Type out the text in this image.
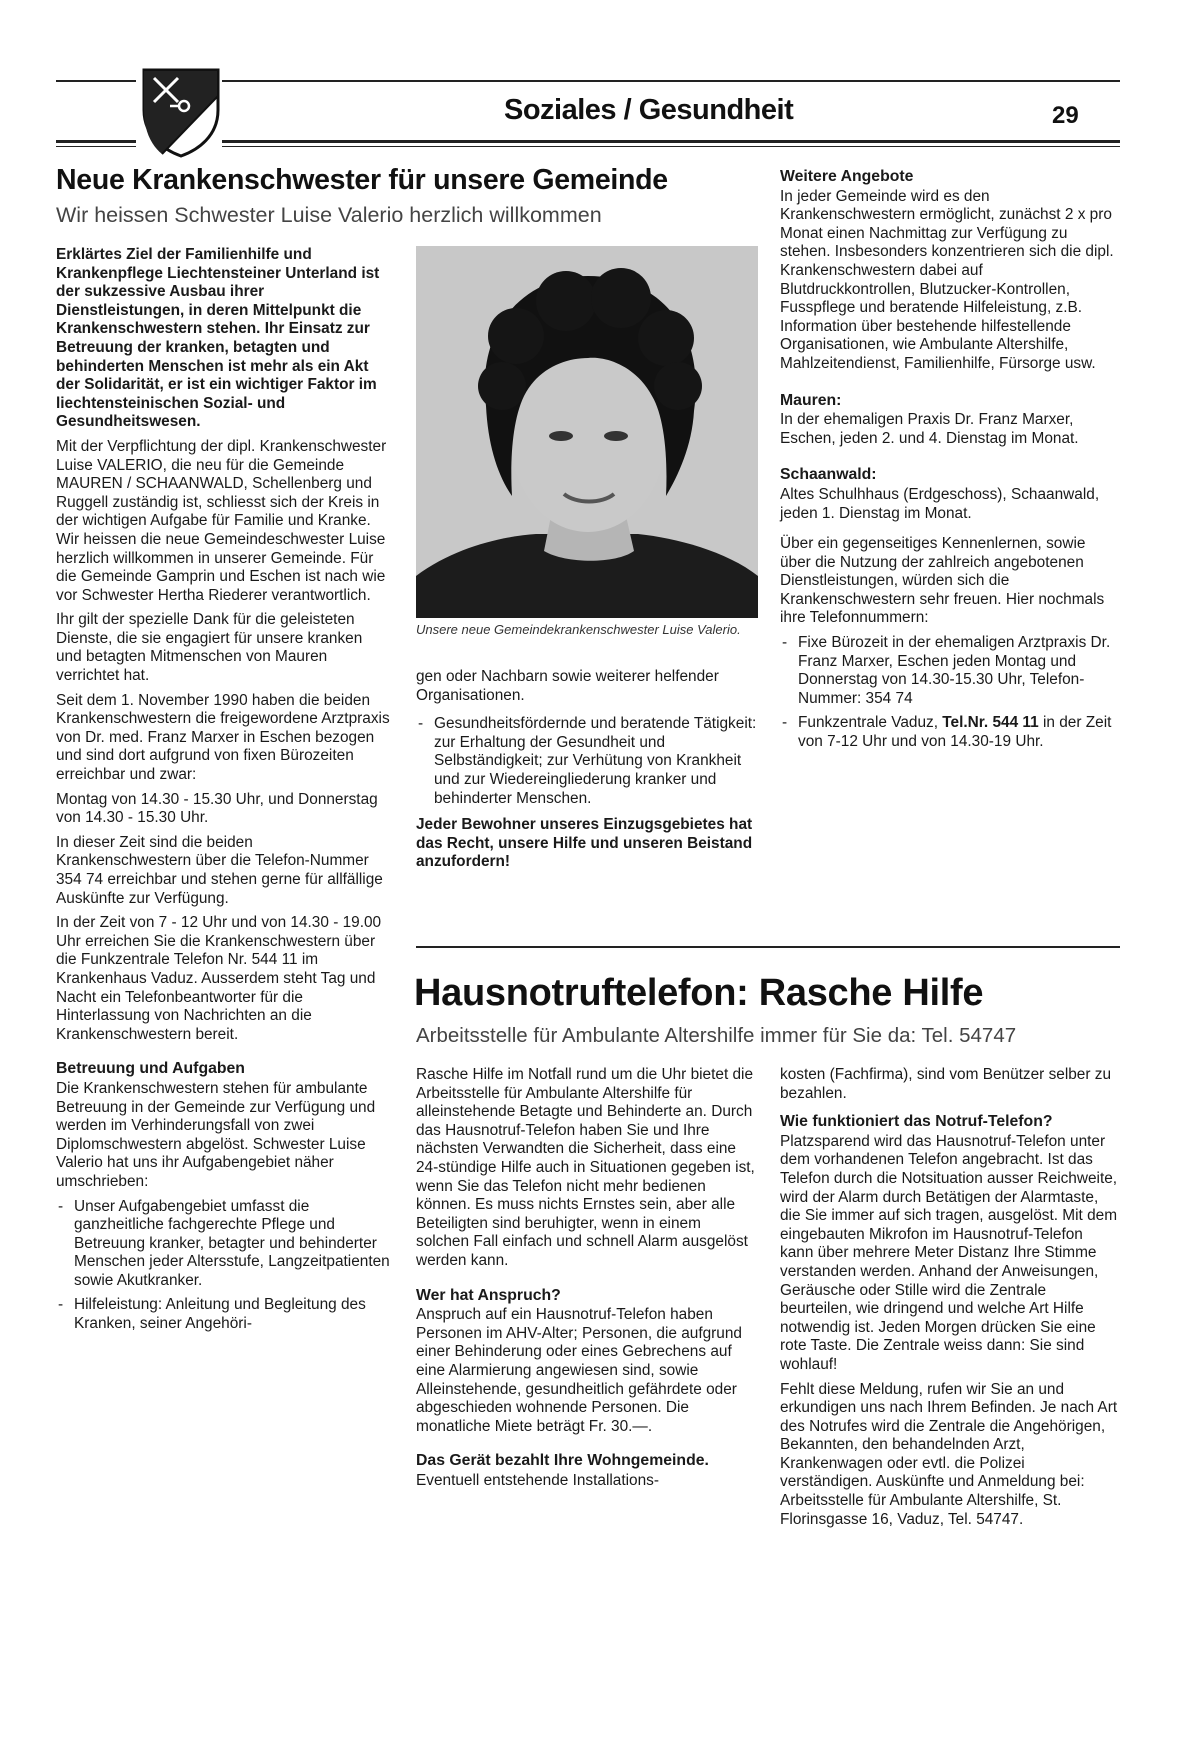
Soziales / Gesundheit	29
Neue Krankenschwester für unsere Gemeinde
Wir heissen Schwester Luise Valerio herzlich willkommen

Erklärtes Ziel der Familienhilfe und Krankenpflege Liechtensteiner Unterland ist der sukzessive Ausbau ihrer Dienstleistungen, in deren Mittelpunkt die Krankenschwestern stehen. Ihr Einsatz zur Betreuung der kranken, betagten und behinderten Menschen ist mehr als ein Akt der Solidarität, er ist ein wichtiger Faktor im liechtensteinischen Sozial- und Gesundheitswesen.

Mit der Verpflichtung der dipl. Krankenschwester Luise VALERIO, die neu für die Gemeinde MAUREN / SCHAANWALD, Schellenberg und Ruggell zuständig ist, schliesst sich der Kreis in der wichtigen Aufgabe für Familie und Kranke. Wir heissen die neue Gemeindeschwester Luise herzlich willkommen in unserer Gemeinde. Für die Gemeinde Gamprin und Eschen ist nach wie vor Schwester Hertha Riederer verantwortlich.

Ihr gilt der spezielle Dank für die geleisteten Dienste, die sie engagiert für unsere kranken und betagten Mitmenschen von Mauren verrichtet hat.

Seit dem 1. November 1990 haben die beiden Krankenschwestern die freigewordene Arztpraxis von Dr. med. Franz Marxer in Eschen bezogen und sind dort aufgrund von fixen Bürozeiten erreichbar und zwar:

Montag von 14.30 - 15.30 Uhr, und Donnerstag von 14.30 - 15.30 Uhr.

In dieser Zeit sind die beiden Krankenschwestern über die Telefon-Nummer 354 74 erreichbar und stehen gerne für allfällige Auskünfte zur Verfügung.

In der Zeit von 7 - 12 Uhr und von 14.30 - 19.00 Uhr erreichen Sie die Krankenschwestern über die Funkzentrale Telefon Nr. 544 11 im Krankenhaus Vaduz. Ausserdem steht Tag und Nacht ein Telefonbeantworter für die Hinterlassung von Nachrichten an die Krankenschwestern bereit.

Betreuung und Aufgaben

Die Krankenschwestern stehen für ambulante Betreuung in der Gemeinde zur Verfügung und werden im Verhinderungsfall von zwei Diplomschwestern abgelöst. Schwester Luise Valerio hat uns ihr Aufgabengebiet näher umschrieben:

- Unser Aufgabengebiet umfasst die ganzheitliche fachgerechte Pflege und Betreuung kranker, betagter und behinderter Menschen jeder Altersstufe, Langzeitpatienten sowie Akutkranker.
- Hilfeleistung: Anleitung und Begleitung des Kranken, seiner Angehöri-
Unsere neue Gemeindekrankenschwester Luise Valerio.

gen oder Nachbarn sowie weiterer helfender Organisationen.

- Gesundheitsfördernde und beratende Tätigkeit: zur Erhaltung der Gesundheit und Selbständigkeit; zur Verhütung von Krankheit und zur Wiedereingliederung kranker und behinderter Menschen.

Jeder Bewohner unseres Einzugsgebietes hat das Recht, unsere Hilfe und unseren Beistand anzufordern!

Weitere Angebote

In jeder Gemeinde wird es den Krankenschwestern ermöglicht, zunächst 2 x pro Monat einen Nachmittag zur Verfügung zu stehen. Insbesonders konzentrieren sich die dipl. Krankenschwestern dabei auf Blutdruckkontrollen, Blutzucker-Kontrollen, Fusspflege und beratende Hilfeleistung, z.B. Information über bestehende hilfestellende Organisationen, wie Ambulante Altershilfe, Mahlzeitendienst, Familienhilfe, Fürsorge usw.

Mauren:

In der ehemaligen Praxis Dr. Franz Marxer, Eschen, jeden 2. und 4. Dienstag im Monat.

Schaanwald:

Altes Schulhhaus (Erdgeschoss), Schaanwald, jeden 1. Dienstag im Monat.

Über ein gegenseitiges Kennenlernen, sowie über die Nutzung der zahlreich angebotenen Dienstleistungen, würden sich die Krankenschwestern sehr freuen. Hier nochmals ihre Telefonnummern:

- Fixe Bürozeit in der ehemaligen Arztpraxis Dr. Franz Marxer, Eschen jeden Montag und Donnerstag von 14.30-15.30 Uhr, Telefon-Nummer: 354 74
- Funkzentrale Vaduz, Tel.Nr. 544 11 in der Zeit von 7-12 Uhr und von 14.30-19 Uhr.
Hausnotruftelefon: Rasche Hilfe
Arbeitsstelle für Ambulante Altershilfe immer für Sie da: Tel. 54747

Rasche Hilfe im Notfall rund um die Uhr bietet die Arbeitsstelle für Ambulante Altershilfe für alleinstehende Betagte und Behinderte an. Durch das Hausnotruf-Telefon haben Sie und Ihre nächsten Verwandten die Sicherheit, dass eine 24-stündige Hilfe auch in Situationen gegeben ist, wenn Sie das Telefon nicht mehr bedienen können. Es muss nichts Ernstes sein, aber alle Beteiligten sind beruhigter, wenn in einem solchen Fall einfach und schnell Alarm ausgelöst werden kann.

Wer hat Anspruch?

Anspruch auf ein Hausnotruf-Telefon haben Personen im AHV-Alter; Personen, die aufgrund einer Behinderung oder eines Gebrechens auf eine Alarmierung angewiesen sind, sowie Alleinstehende, gesundheitlich gefährdete oder abgeschieden wohnende Personen. Die monatliche Miete beträgt Fr. 30.—.

Das Gerät bezahlt Ihre Wohngemeinde.

Eventuell entstehende Installations-

kosten (Fachfirma), sind vom Benützer selber zu bezahlen.

Wie funktioniert das Notruf-Telefon?

Platzsparend wird das Hausnotruf-Telefon unter dem vorhandenen Telefon angebracht. Ist das Telefon durch die Notsituation ausser Reichweite, wird der Alarm durch Betätigen der Alarmtaste, die Sie immer auf sich tragen, ausgelöst. Mit dem eingebauten Mikrofon im Hausnotruf-Telefon kann über mehrere Meter Distanz Ihre Stimme verstanden werden. Anhand der Anweisungen, Geräusche oder Stille wird die Zentrale beurteilen, wie dringend und welche Art Hilfe notwendig ist. Jeden Morgen drücken Sie eine rote Taste. Die Zentrale weiss dann: Sie sind wohlauf!

Fehlt diese Meldung, rufen wir Sie an und erkundigen uns nach Ihrem Befinden. Je nach Art des Notrufes wird die Zentrale die Angehörigen, Bekannten, den behandelnden Arzt, Krankenwagen oder evtl. die Polizei verständigen. Auskünfte und Anmeldung bei: Arbeitsstelle für Ambulante Altershilfe, St. Florinsgasse 16, Vaduz, Tel. 54747.
